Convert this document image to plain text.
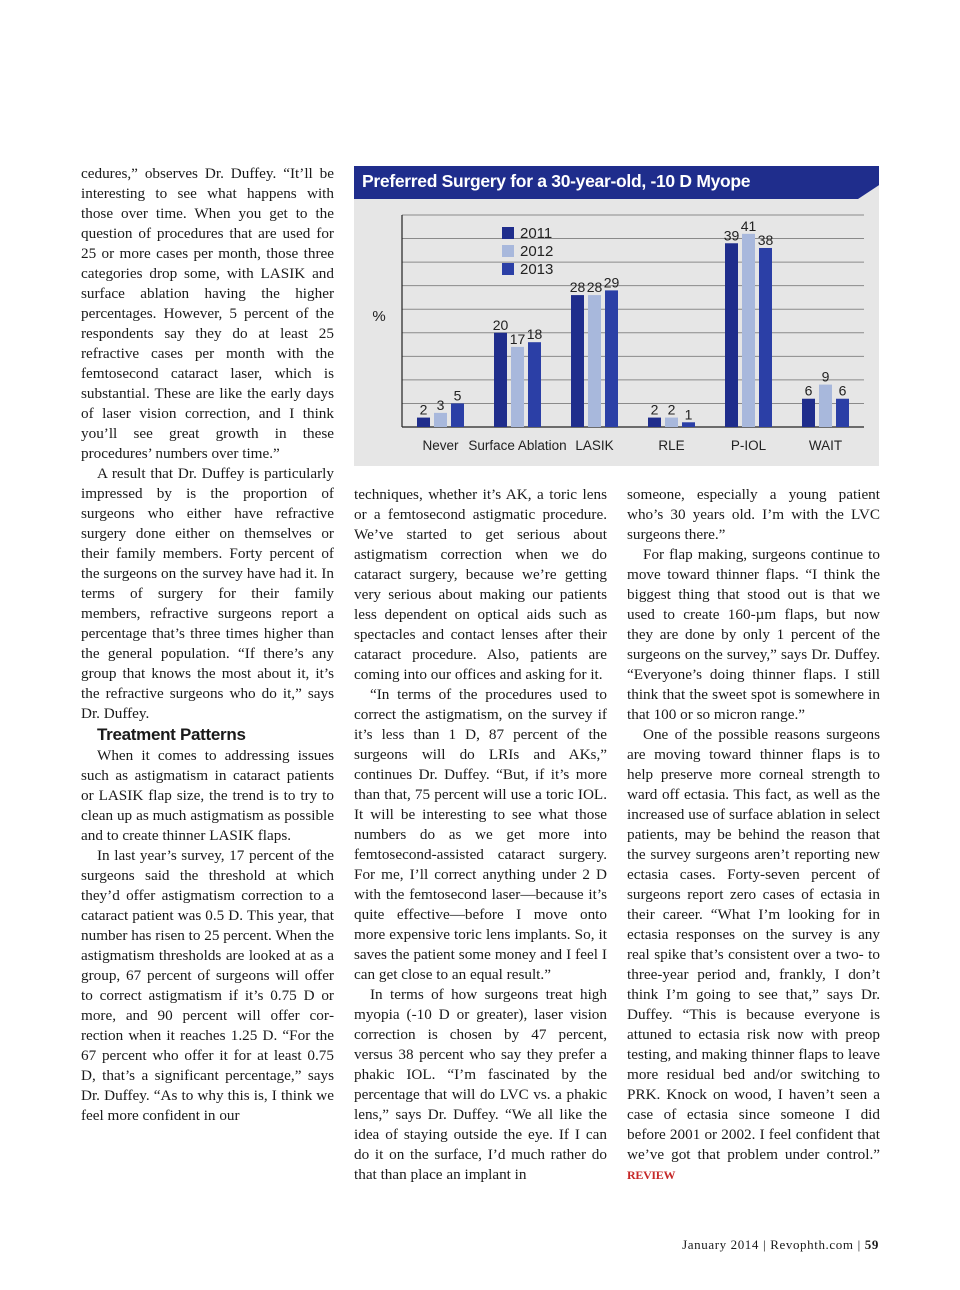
cedures,” observes Dr. Duffey. “It’ll be interesting to see what happens with those over time. When you get to the question of procedures that are used for 25 or more cases per month, those three categories drop some, with LASIK and surface ablation having the higher percentages. However, 5 percent of the respondents say they do at least 25 refractive cases per month with the femtosecond cataract laser, which is substantial. These are like the early days of laser vision correction, and I think you’ll see great growth in these procedures’ numbers over time.”

A result that Dr. Duffey is particularly impressed by is the proportion of surgeons who either have refractive surgery done either on themselves or their family members. Forty percent of the surgeons on the survey have had it. In terms of surgery for their family members, refractive surgeons report a percentage that’s three times higher than the general population. “If there’s any group that knows the most about it, it’s the refractive surgeons who do it,” says Dr. Duffey.

Treatment Patterns

When it comes to addressing issues such as astigmatism in cataract patients or LASIK flap size, the trend is to try to clean up as much astigmatism as possible and to create thinner LASIK flaps.

In last year’s survey, 17 percent of the surgeons said the threshold at which they’d offer astigmatism correction to a cataract patient was 0.5 D. This year, that number has risen to 25 percent. When the astigmatism thresholds are looked at as a group, 67 percent of surgeons will offer to correct astigmatism if it’s 0.75 D or more, and 90 percent will offer correction when it reaches 1.25 D. “For the 67 percent who offer it for at least 0.75 D, that’s a significant percentage,” says Dr. Duffey. “As to why this is, I think we feel more confident in our

Preferred Surgery for a 30-year-old, -10 D Myope
%
2 3
5
Never
20
17 18
Surface Ablation
28 28 29
LASIK
2 2 1
RLE
39
41
38
P-IOL
6
9
6
WAIT
2011
2012
2013

techniques, whether it’s AK, a toric lens or a femtosecond astigmatic procedure. We’ve started to get serious about astigmatism correction when we do cataract surgery, because we’re getting very serious about making our patients less dependent on optical aids such as spectacles and contact lenses after their cataract procedure. Also, patients are coming into our offices and asking for it.

“In terms of the procedures used to correct the astigmatism, on the survey if it’s less than 1 D, 87 percent of the surgeons will do LRIs and AKs,” continues Dr. Duffey. “But, if it’s more than that, 75 percent will use a toric IOL. It will be interesting to see what those numbers do as we get more into femtosecond-assisted cataract surgery. For me, I’ll correct anything under 2 D with the femtosecond laser—because it’s quite effective—before I move onto more expensive toric lens implants. So, it saves the patient some money and I feel I can get close to an equal result.”

In terms of how surgeons treat high myopia (-10 D or greater), laser vision correction is chosen by 47 percent, versus 38 percent who say they prefer a phakic IOL. “I’m fascinated by the percentage that will do LVC vs. a phakic lens,” says Dr. Duffey. “We all like the idea of staying outside the eye. If I can do it on the surface, I’d much rather do that than place an implant in

someone, especially a young patient who’s 30 years old. I’m with the LVC surgeons there.”

For flap making, surgeons continue to move toward thinner flaps. “I think the biggest thing that stood out is that we used to create 160-µm flaps, but now they are done by only 1 percent of the surgeons on the survey,” says Dr. Duffey. “Everyone’s doing thinner flaps. I still think that the sweet spot is somewhere in that 100 or so micron range.”

One of the possible reasons surgeons are moving toward thinner flaps is to help preserve more corneal strength to ward off ectasia. This fact, as well as the increased use of surface ablation in select patients, may be behind the reason that the survey surgeons aren’t reporting new ectasia cases. Forty-seven percent of surgeons report zero cases of ectasia in their career. “What I’m looking for in ectasia responses on the survey is any real spike that’s consistent over a two- to three-year period and, frankly, I don’t think I’m going to see that,” says Dr. Duffey. “This is because everyone is attuned to ectasia risk now with preop testing, and making thinner flaps to leave more residual bed and/or switching to PRK. Knock on wood, I haven’t seen a case of ectasia since someone I did before 2001 or 2002. I feel confident that we’ve got that problem under control.” REVIEW

January 2014 | Revophth.com | 59
